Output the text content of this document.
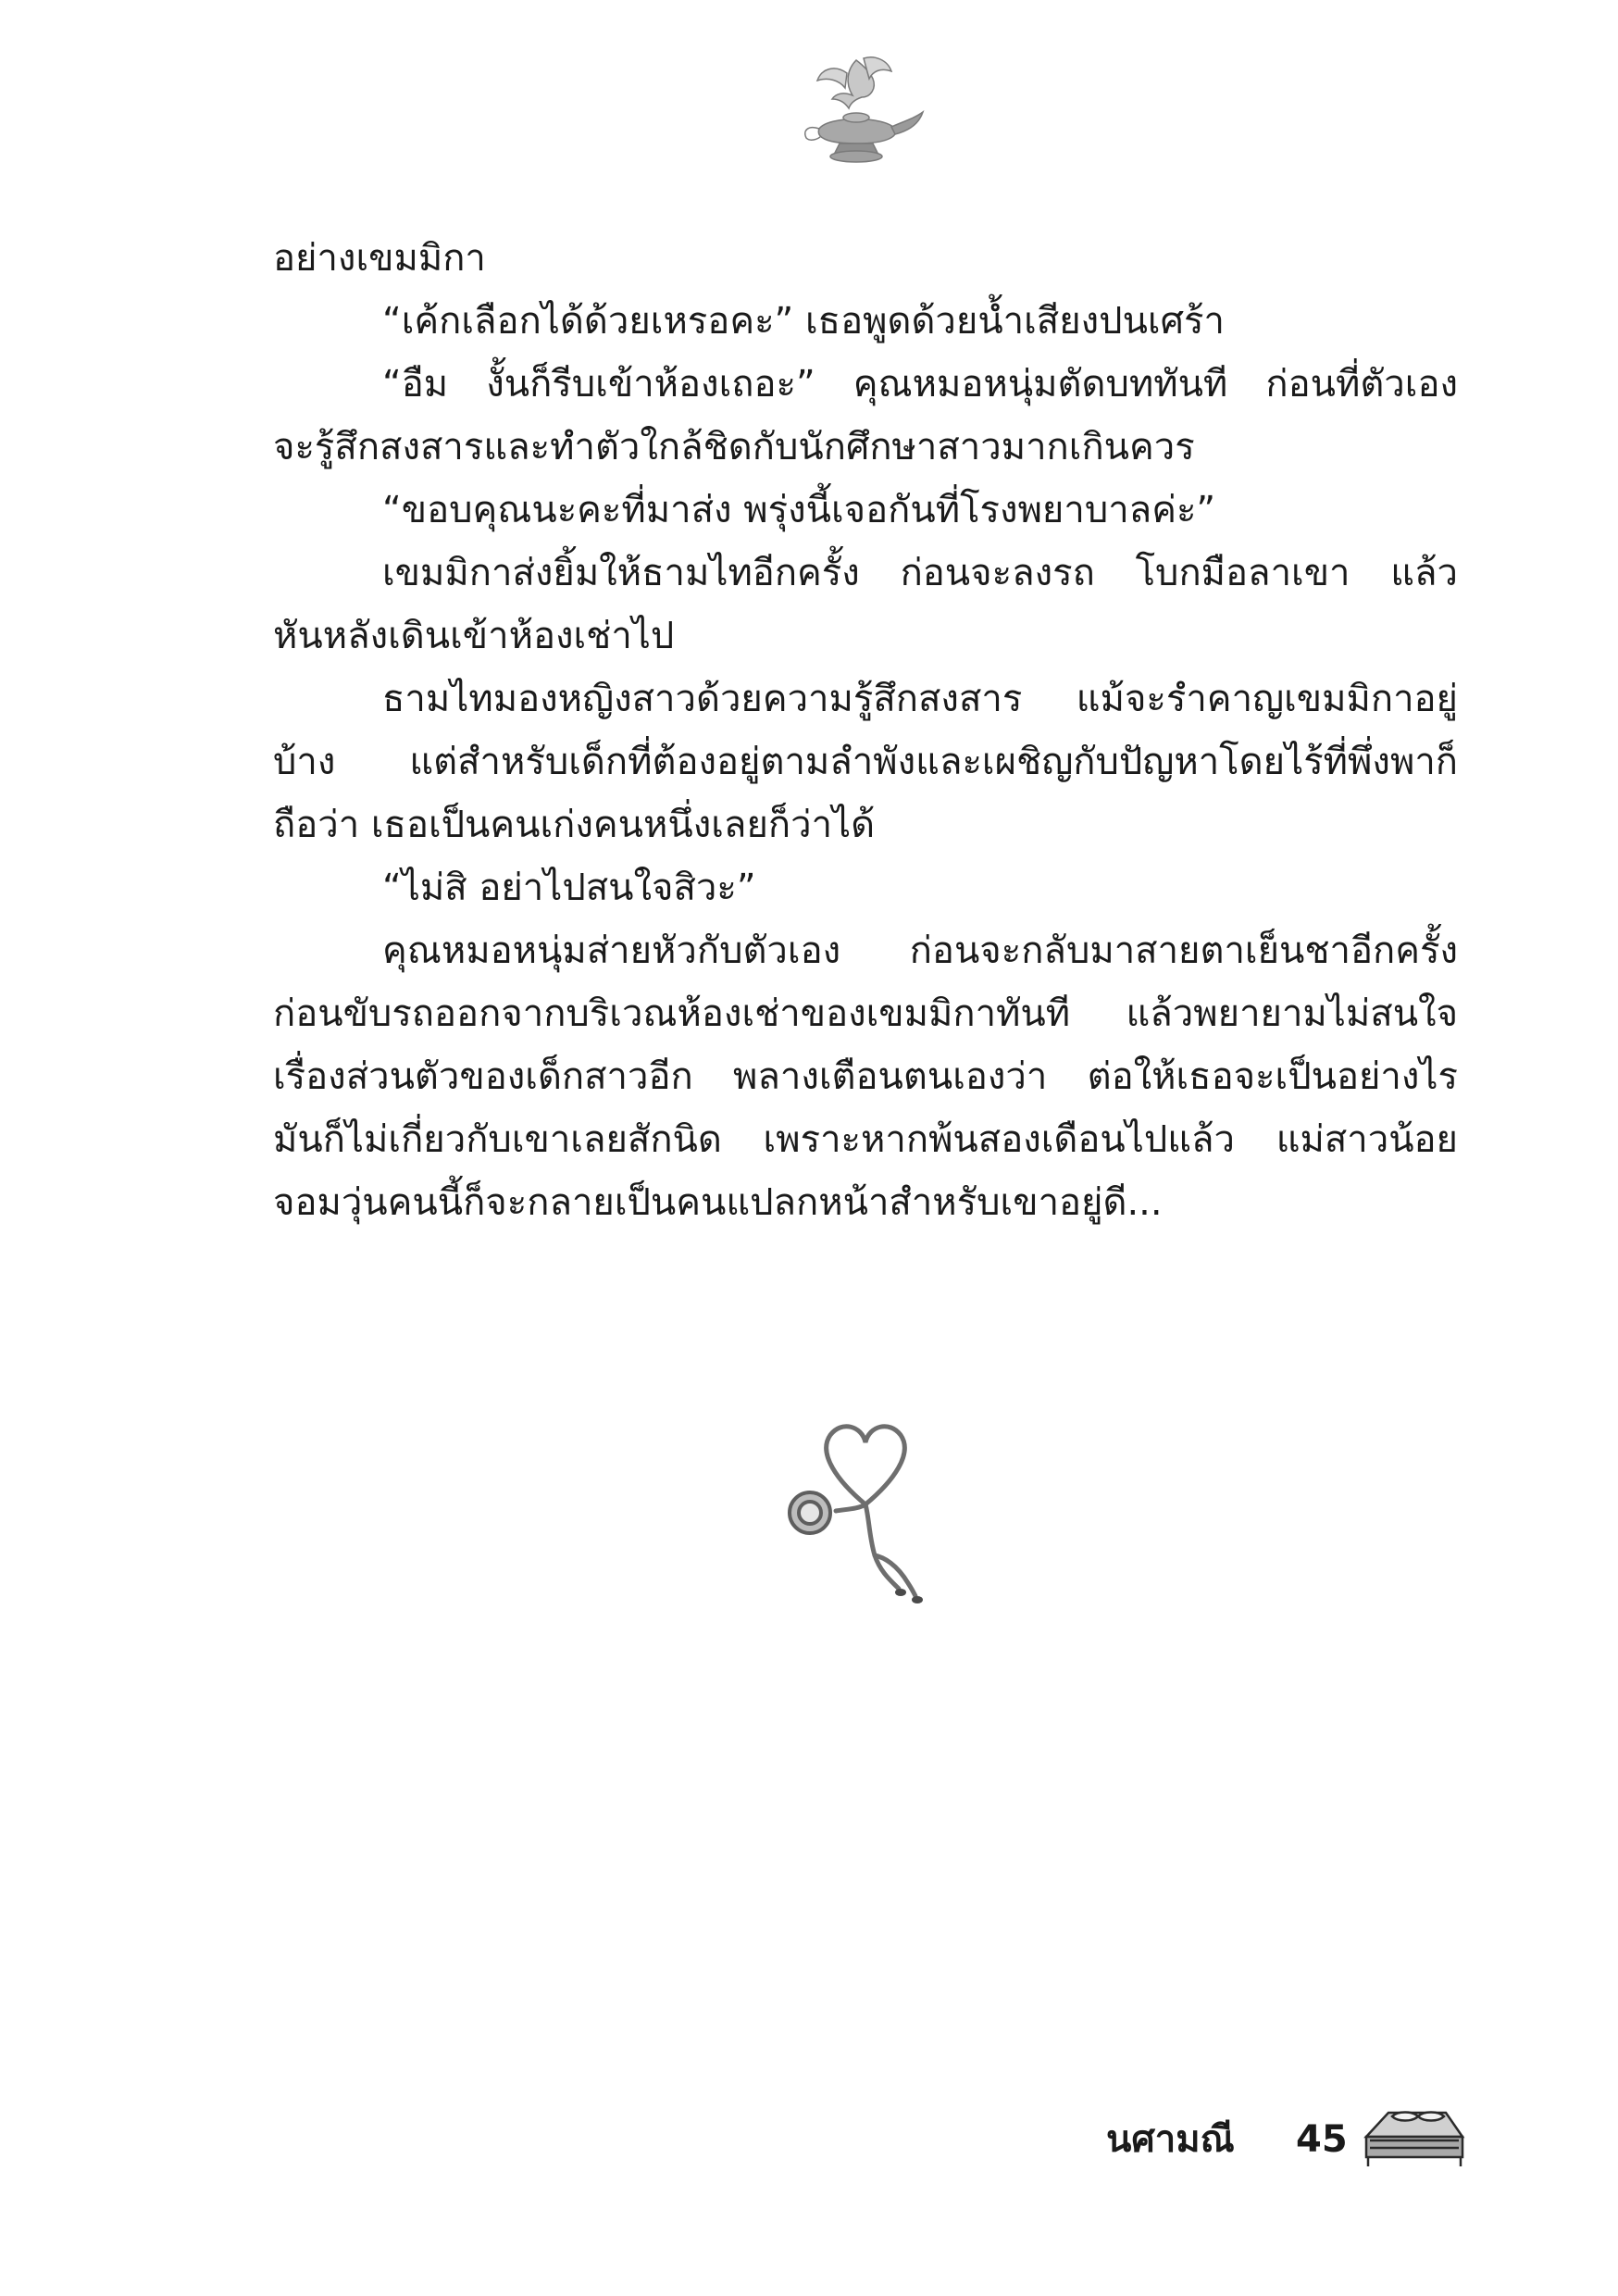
อย่างเขมมิกา
“เค้กเลือกได้ด้วยเหรอคะ” เธอพูดด้วยน้ำเสียงปนเศร้า
“อืม งั้นก็รีบเข้าห้องเถอะ” คุณหมอหนุ่มตัดบททันที ก่อนที่ตัวเอง
จะรู้สึกสงสารและทำตัวใกล้ชิดกับนักศึกษาสาวมากเกินควร
“ขอบคุณนะคะที่มาส่ง พรุ่งนี้เจอกันที่โรงพยาบาลค่ะ”
เขมมิกาส่งยิ้มให้ธามไทอีกครั้ง ก่อนจะลงรถ โบกมือลาเขา แล้ว
หันหลังเดินเข้าห้องเช่าไป
ธามไทมองหญิงสาวด้วยความรู้สึกสงสาร แม้จะรำคาญเขมมิกาอยู่
บ้าง แต่สำหรับเด็กที่ต้องอยู่ตามลำพังและเผชิญกับปัญหาโดยไร้ที่พึ่งพาก็
ถือว่า เธอเป็นคนเก่งคนหนึ่งเลยก็ว่าได้
“ไม่สิ อย่าไปสนใจสิวะ”
คุณหมอหนุ่มส่ายหัวกับตัวเอง ก่อนจะกลับมาสายตาเย็นชาอีกครั้ง
ก่อนขับรถออกจากบริเวณห้องเช่าของเขมมิกาทันที แล้วพยายามไม่สนใจ
เรื่องส่วนตัวของเด็กสาวอีก พลางเตือนตนเองว่า ต่อให้เธอจะเป็นอย่างไร
มันก็ไม่เกี่ยวกับเขาเลยสักนิด เพราะหากพ้นสองเดือนไปแล้ว แม่สาวน้อย
จอมวุ่นคนนี้ก็จะกลายเป็นคนแปลกหน้าสำหรับเขาอยู่ดี...
นศามณี 45
